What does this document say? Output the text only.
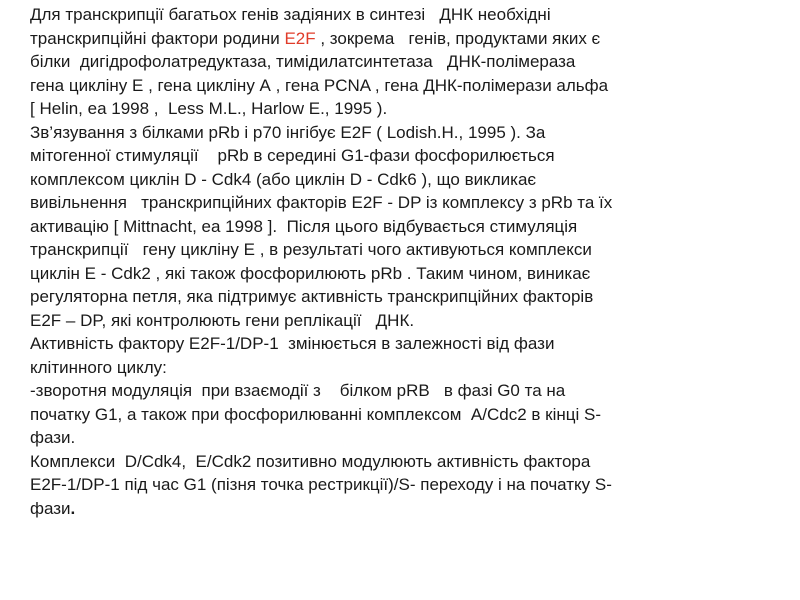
Для транскрипції багатьох генів задіяних в синтезі   ДНК необхідні
транскрипційні фактори родини E2F , зокрема   генів, продуктами яких є
білки  дигідрофолатредуктаза, тимідилатсинтетаза   ДНК-полімераза
гена цикліну Е , гена цикліну А , гена PCNA , гена ДНК-полімерази альфа
[ Helin, ea 1998 ,  Less M.L., Harlow E., 1995 ).
Зв’язування з білками pRb і p70 інгібує E2F ( Lodish.H., 1995 ). За
мітогенної стимуляції    pRb в середині G1-фази фосфорилюється
комплексом циклін D - Cdk4 (або циклін D - Cdk6 ), що викликає
вивільнення   транскрипційних факторів E2F - DP із комплексу з pRb та їх
активацію [ Mittnacht, ea 1998 ].  Після цього відбувається стимуляція
транскрипції   гену цикліну Е , в результаті чого активуються комплекси
циклін E - Cdk2 , які також фосфорилюють pRb . Таким чином, виникає
регуляторна петля, яка підтримує активність транскрипційних факторів
E2F – DP, які контролюють гени реплікації   ДНК.
Активність фактору E2F-1/DP-1  змінюється в залежності від фази
клітинного циклу:
-зворотня модуляція  при взаємодії з    білком pRB   в фазі G0 та на
початку G1, а також при фосфорилюванні комплексом  A/Cdc2 в кінці S-
фази.
Комплекси  D/Cdk4,  E/Cdk2 позитивно модулюють активність фактора
E2F-1/DP-1 під час G1 (пізня точка рестрикції)/S- переходу і на початку S-
фази.
